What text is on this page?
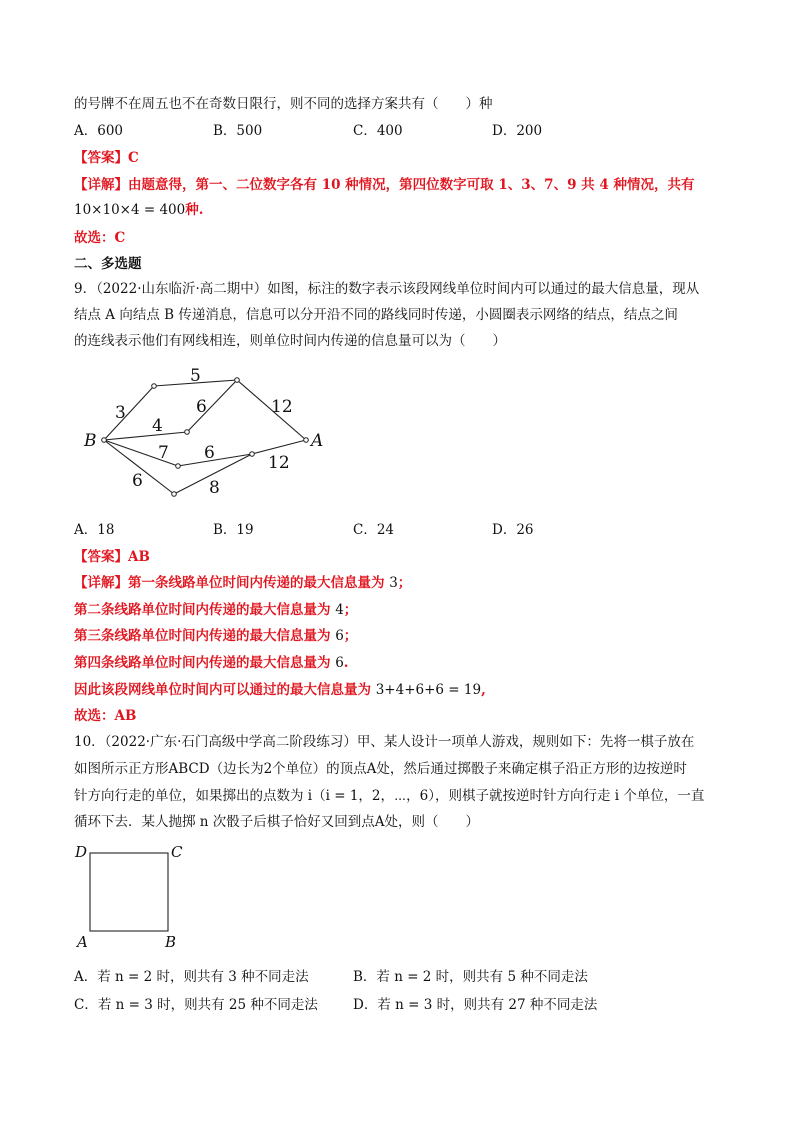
的号牌不在周五也不在奇数日限行，则不同的选择方案共有（　　）种
A．600	B．500	C．400	D．200
【答案】C
【详解】由题意得，第一、二位数字各有 10 种情况，第四位数字可取 1、3、7、9 共 4 种情况，共有
10×10×4 = 400种.
故选：C
二、多选题
9．（2022·山东临沂·高二期中）如图，标注的数字表示该段网线单位时间内可以通过的最大信息量，现从
结点 A 向结点 B 传递消息，信息可以分开沿不同的路线同时传递，小圆圈表示网络的结点，结点之间
的连线表示他们有网线相连，则单位时间内传递的信息量可以为（　　）
B	A
5
3	6	12
4
7 6	12
6	8
D	C
A	B
A．18	B．19	C．24	D．26
【答案】AB
【详解】第一条线路单位时间内传递的最大信息量为 3；
第二条线路单位时间内传递的最大信息量为 4；
第三条线路单位时间内传递的最大信息量为 6；
第四条线路单位时间内传递的最大信息量为 6.
因此该段网线单位时间内可以通过的最大信息量为 3+4+6+6 = 19,
故选：AB
10．（2022·广东·石门高级中学高二阶段练习）甲、某人设计一项单人游戏，规则如下：先将一棋子放在
如图所示正方形ABCD（边长为2个单位）的顶点A处，然后通过掷骰子来确定棋子沿正方形的边按逆时
针方向行走的单位，如果掷出的点数为 i（i = 1，2，⋯，6），则棋子就按逆时针方向行走 i 个单位，一直
循环下去．某人抛掷 n 次骰子后棋子恰好又回到点A处，则（　　）
A．若 n = 2 时，则共有 3 种不同走法	B．若 n = 2 时，则共有 5 种不同走法
C．若 n = 3 时，则共有 25 种不同走法	D．若 n = 3 时，则共有 27 种不同走法
